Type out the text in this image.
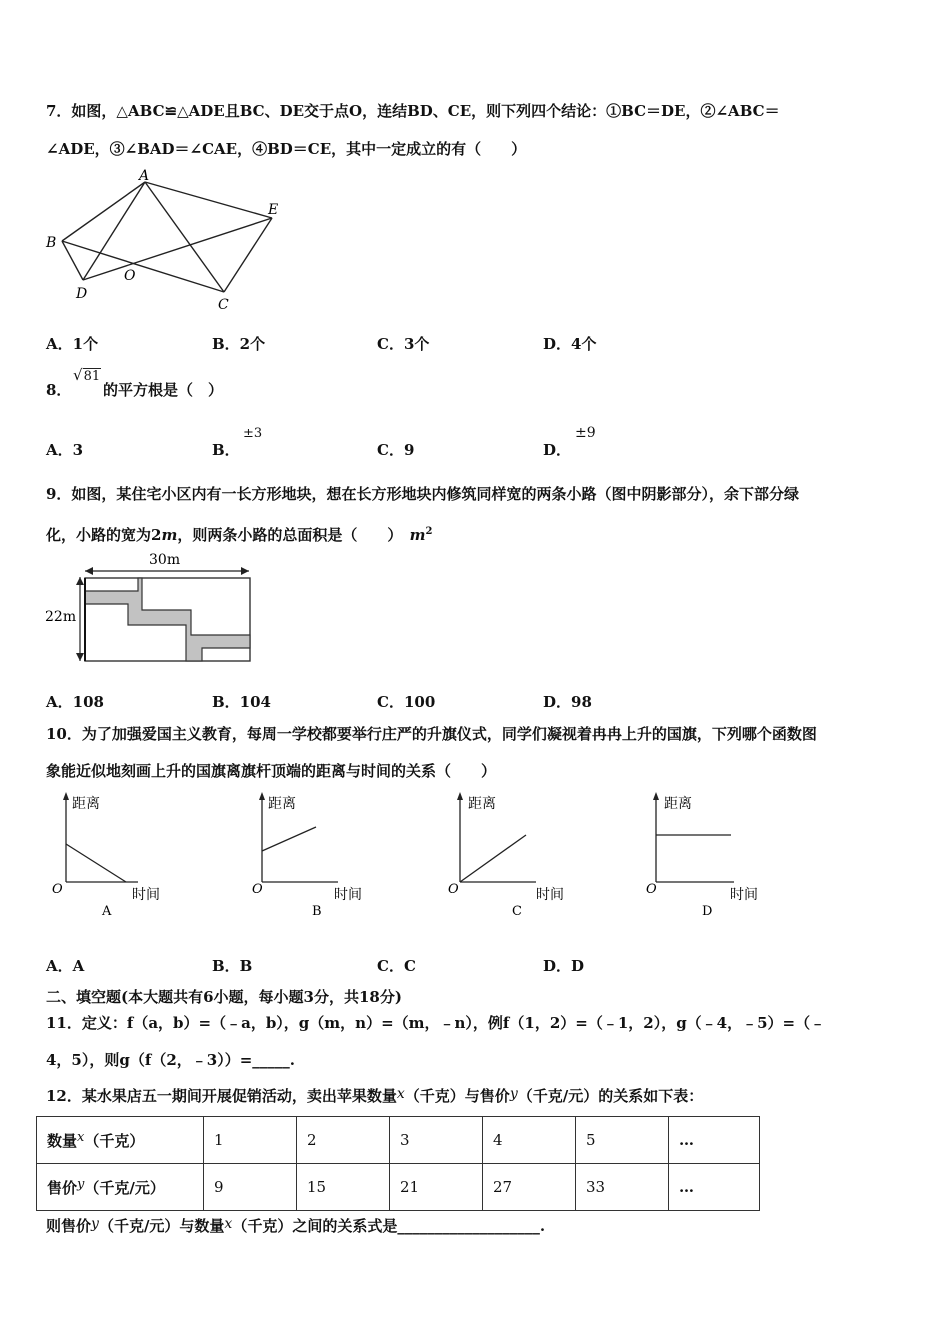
7．如图，△ABC≌△ADE且BC、DE交于点O，连结BD、CE，则下列四个结论：①BC＝DE，②∠ABC＝
∠ADE，③∠BAD＝∠CAE，④BD＝CE，其中一定成立的有（　　）
A
B
C
D
E
O
A．1个	B．2个	C．3个	D．4个
8．
√81
的平方根是（　）
A．3	B．
±3
C．9	D．
±9
9．如图，某住宅小区内有一长方形地块，想在长方形地块内修筑同样宽的两条小路（图中阴影部分），余下部分绿
化，小路的宽为2m，则两条小路的总面积是（　　） $m^2$
30m
22m
A．108	B．104	C．100	D．98
10．为了加强爱国主义教育，每周一学校都要举行庄严的升旗仪式，同学们凝视着冉冉上升的国旗，下列哪个函数图
象能近似地刻画上升的国旗离旗杆顶端的距离与时间的关系（　　）
距离
O	时间
A
距离
O	时间
B
距离
O	时间
C
距离
O	时间
D
A．A	B．B	C．C	D．D
二、填空题(本大题共有6小题，每小题3分，共18分)
11．定义：f（a，b）=（﹣a，b），g（m，n）=（m，﹣n），例f（1，2）=（﹣1，2），g（﹣4，﹣5）=（﹣
4，5），则g（f（2，﹣3））=_____.
12．某水果店五一期间开展促销活动，卖出苹果数量x（千克）与售价y（千克/元）的关系如下表：
数量x（千克）	1	2	3	4	5	…
售价y（千克/元）	9	15	21	27	33	…
则售价y（千克/元）与数量x（千克）之间的关系式是___________________.
